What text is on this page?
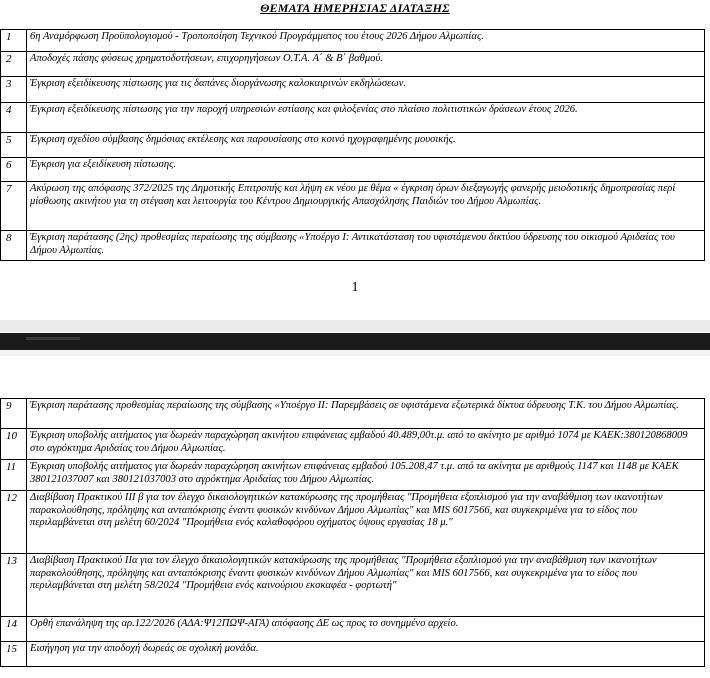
ΘΕΜΑΤΑ ΗΜΕΡΗΣΙΑΣ ΔΙΑΤΑΞΗΣ
1	6η Αναμόρφωση Προϋπολογισμού - Τροποποίηση Τεχνικού Προγράμματος του έτους 2026 Δήμου Αλμωπίας.
2	Αποδοχές πάσης φύσεως χρηματοδοτήσεων, επιχορηγήσεων Ο.Τ.Α. Α΄ & Β΄ βαθμού.
3	Έγκριση εξειδίκευσης πίστωσης για τις δαπάνες διοργάνωσης καλοκαιρινών εκδηλώσεων.
4	Έγκριση εξειδίκευσης πίστωσης για την παροχή υπηρεσιών εστίασης και φιλοξενίας στο πλαίσιο πολιτιστικών δράσεων έτους 2026.
5	Έγκριση σχεδίου σύμβασης δημόσιας εκτέλεσης και παρουσίασης στο κοινό ηχογραφημένης μουσικής.
6	Έγκριση για εξειδίκευση πίστωσης.
7	Ακύρωση της απόφασης 372/2025 της Δημοτικής Επιτροπής και λήψη εκ νέου με θέμα « έγκριση όρων διεξαγωγής φανερής μειοδοτικής δημοπρασίας περί μίσθωσης ακινήτου για τη στέγαση και λειτουργία του Κέντρου Δημιουργικής Απασχόλησης Παιδιών του Δήμου Αλμωπίας.
8	Έγκριση παράτασης (2ης) προθεσμίας περαίωσης της σύμβασης «Υποέργο Ι: Αντικατάσταση του υφιστάμενου δικτύου ύδρευσης του οικισμού Αριδαίας του Δήμου Αλμωπίας.
1
9	Έγκριση παράτασης προθεσμίας περαίωσης της σύμβασης «Υποέργο ΙΙ: Παρεμβάσεις σε υφιστάμενα εξωτερικά δίκτυα ύδρευσης Τ.Κ. του Δήμου Αλμωπίας.
10	Έγκριση υποβολής αιτήματος για δωρεάν παραχώρηση ακινήτου επιφάνειας εμβαδού 40.489,00τ.μ. από το ακίνητο με αριθμό 1074 με ΚΑΕΚ:380120868009 στο αγρόκτημα Αριδαίας του Δήμου Αλμωπίας.
11	Έγκριση υποβολής αιτήματος για δωρεάν παραχώρηση ακινήτων επιφάνειας εμβαδού 105.208,47 τ.μ. από τα ακίνητα με αριθμούς 1147 και 1148 με ΚΑΕΚ 380121037007 και 380121037003 στο αγρόκτημα Αριδαίας του Δήμου Αλμωπίας.
12	Διαβίβαση Πρακτικού ΙΙΙ β για τον έλεγχο δικαιολογητικών κατακύρωσης της προμήθειας "Προμήθεια εξοπλισμού για την αναβάθμιση των ικανοτήτων παρακολούθησης, πρόληψης και ανταπόκρισης έναντι φυσικών κινδύνων Δήμου Αλμωπίας" και MIS 6017566, και συγκεκριμένα για το είδος που περιλαμβάνεται στη μελέτη 60/2024 "Προμήθεια ενός καλαθοφόρου οχήματος ύψους εργασίας 18 μ."
13	Διαβίβαση Πρακτικού ΙΙα για τον έλεγχο δικαιολογητικών κατακύρωσης της προμήθειας "Προμήθεια εξοπλισμού για την αναβάθμιση των ικανοτήτων παρακολούθησης, πρόληψης και ανταπόκρισης έναντι φυσικών κινδύνων Δήμου Αλμωπίας" και MIS 6017566, και συγκεκριμένα για το είδος που περιλαμβάνεται στη μελέτη 58/2024 "Προμήθεια ενός καινούριου εκσκαφέα - φορτωτή"
14	Ορθή επανάληψη της αρ.122/2026 (ΑΔΑ:Ψ12ΠΩΨ-ΑΓΑ) απόφασης ΔΕ ως προς το συνημμένο αρχείο.
15	Εισήγηση για την αποδοχή δωρεάς σε σχολική μονάδα.
